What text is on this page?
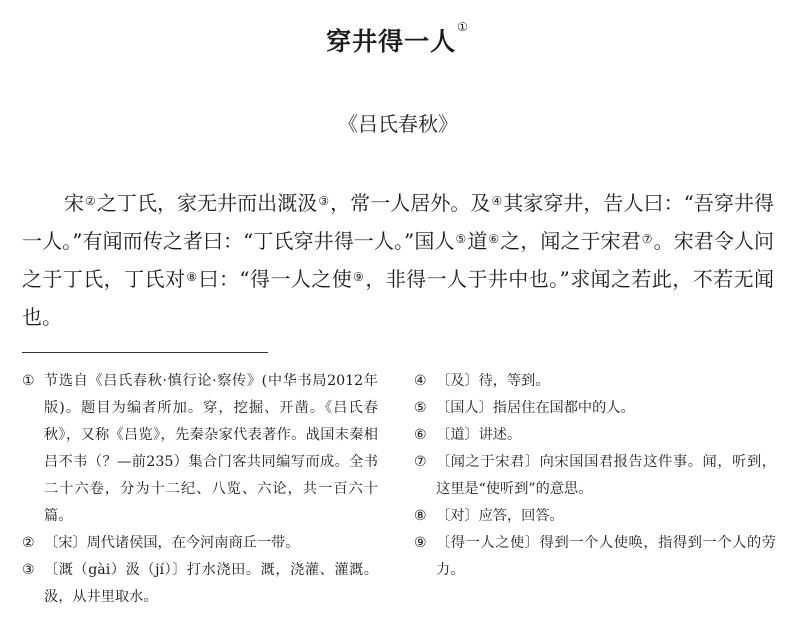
穿井得一人①
《吕氏春秋》

宋②之丁氏，家无井而出溉汲③，常一人居外。及④其家穿井，告人曰：“吾穿井得一人。”有闻而传之者曰：“丁氏穿井得一人。”国人⑤道⑥之，闻之于宋君⑦。宋君令人问之于丁氏，丁氏对⑧曰：“得一人之使⑨，非得一人于井中也。”求闻之若此，不若无闻也。

① 节选自《吕氏春秋·慎行论·察传》(中华书局2012年版)。题目为编者所加。穿，挖掘、开凿。《吕氏春秋》，又称《吕览》，先秦杂家代表著作。战国末秦相吕不韦（？—前235）集合门客共同编写而成。全书二十六卷，分为十二纪、八览、六论，共一百六十篇。
② 〔宋〕周代诸侯国，在今河南商丘一带。
③ 〔溉（gài）汲（jí）〕打水浇田。溉，浇灌、灌溉。汲，从井里取水。
④ 〔及〕待，等到。
⑤ 〔国人〕指居住在国都中的人。
⑥ 〔道〕讲述。
⑦ 〔闻之于宋君〕向宋国国君报告这件事。闻，听到，这里是“使听到”的意思。
⑧ 〔对〕应答，回答。
⑨ 〔得一人之使〕得到一个人使唤，指得到一个人的劳力。
